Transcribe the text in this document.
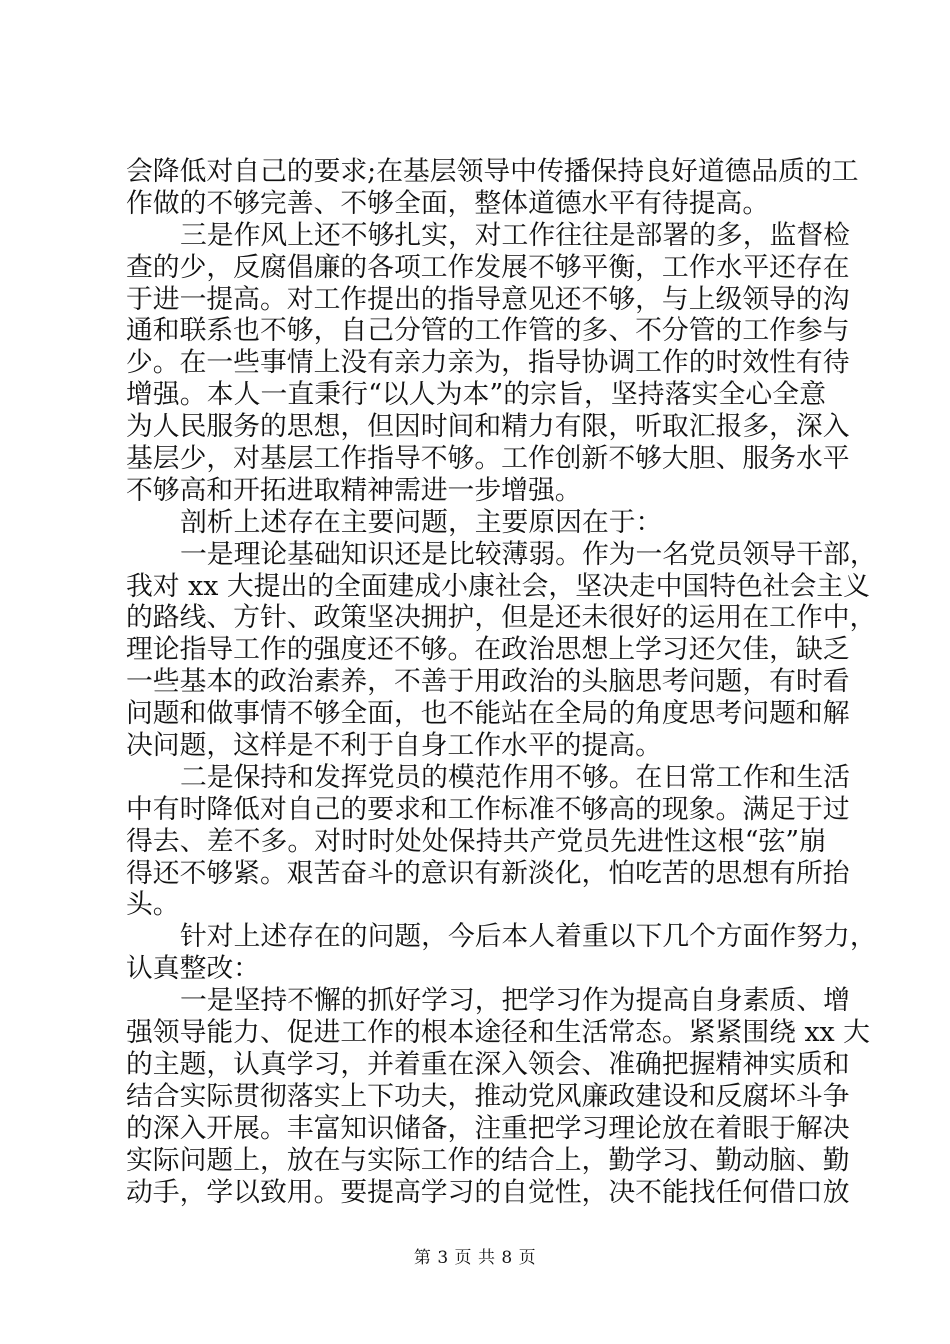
会降低对自己的要求;在基层领导中传播保持良好道德品质的工
作做的不够完善、不够全面，整体道德水平有待提高。
三是作风上还不够扎实，对工作往往是部署的多，监督检
查的少，反腐倡廉的各项工作发展不够平衡，工作水平还存在
于进一提高。对工作提出的指导意见还不够，与上级领导的沟
通和联系也不够，自己分管的工作管的多、不分管的工作参与
少。在一些事情上没有亲力亲为，指导协调工作的时效性有待
增强。本人一直秉行“以人为本”的宗旨，坚持落实全心全意
为人民服务的思想，但因时间和精力有限，听取汇报多，深入
基层少，对基层工作指导不够。工作创新不够大胆、服务水平
不够高和开拓进取精神需进一步增强。
剖析上述存在主要问题，主要原因在于：
一是理论基础知识还是比较薄弱。作为一名党员领导干部，
我对 xx 大提出的全面建成小康社会，坚决走中国特色社会主义
的路线、方针、政策坚决拥护，但是还未很好的运用在工作中，
理论指导工作的强度还不够。在政治思想上学习还欠佳，缺乏
一些基本的政治素养，不善于用政治的头脑思考问题，有时看
问题和做事情不够全面，也不能站在全局的角度思考问题和解
决问题，这样是不利于自身工作水平的提高。
二是保持和发挥党员的模范作用不够。在日常工作和生活
中有时降低对自己的要求和工作标准不够高的现象。满足于过
得去、差不多。对时时处处保持共产党员先进性这根“弦”崩
得还不够紧。艰苦奋斗的意识有新淡化，怕吃苦的思想有所抬
头。
针对上述存在的问题，今后本人着重以下几个方面作努力，
认真整改：
一是坚持不懈的抓好学习，把学习作为提高自身素质、增
强领导能力、促进工作的根本途径和生活常态。紧紧围绕 xx 大
的主题，认真学习，并着重在深入领会、准确把握精神实质和
结合实际贯彻落实上下功夫，推动党风廉政建设和反腐坏斗争
的深入开展。丰富知识储备，注重把学习理论放在着眼于解决
实际问题上，放在与实际工作的结合上，勤学习、勤动脑、勤
动手，学以致用。要提高学习的自觉性，决不能找任何借口放
第 3 页 共 8 页
